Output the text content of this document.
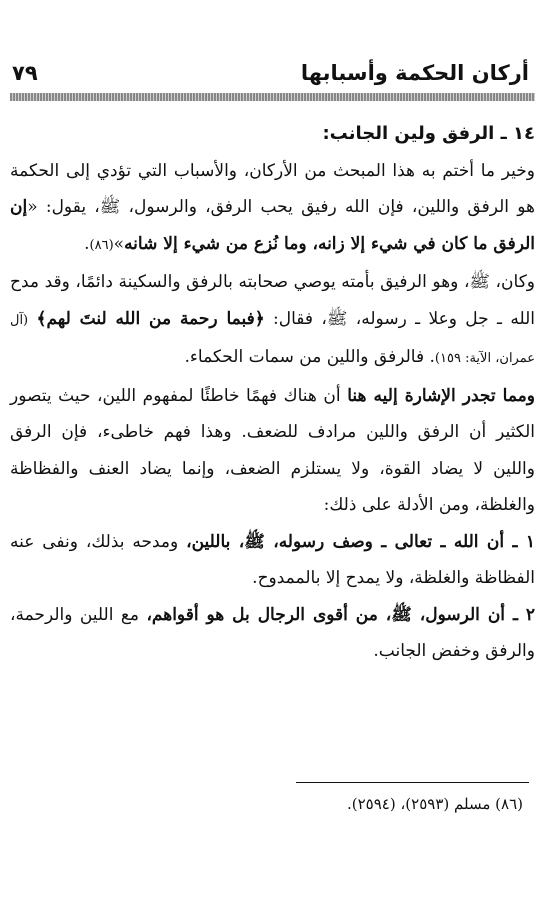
أركان الحكمة وأسبابها
٧٩

١٤ ـ الرفق ولين الجانب:

وخير ما أختم به هذا المبحث من الأركان، والأسباب التي تؤدي إلى الحكمة هو الرفق واللين، فإن الله رفيق يحب الرفق، والرسول، ﷺ، يقول: «إن الرفق ما كان في شيء إلا زانه، وما نُزع من شيء إلا شانه»(٨٦).

وكان، ﷺ، وهو الرفيق بأمته يوصي صحابته بالرفق والسكينة دائمًا، وقد مدح الله ـ جل وعلا ـ رسوله، ﷺ، فقال: ﴿فبما رحمة من الله لنتَ لهم﴾ (آل عمران، الآية: ١٥٩). فالرفق واللين من سمات الحكماء.

ومما تجدر الإشارة إليه هنا أن هناك فهمًا خاطئًا لمفهوم اللين، حيث يتصور الكثير أن الرفق واللين مرادف للضعف. وهذا فهم خاطىء، فإن الرفق واللين لا يضاد القوة، ولا يستلزم الضعف، وإنما يضاد العنف والفظاظة والغلظة، ومن الأدلة على ذلك:

١ ـ أن الله ـ تعالى ـ وصف رسوله، ﷺ، باللين، ومدحه بذلك، ونفى عنه الفظاظة والغلظة، ولا يمدح إلا بالممدوح.

٢ ـ أن الرسول، ﷺ، من أقوى الرجال بل هو أقواهم، مع اللين والرحمة، والرفق وخفض الجانب.

(٨٦) مسلم (٢٥٩٣)، (٢٥٩٤).
